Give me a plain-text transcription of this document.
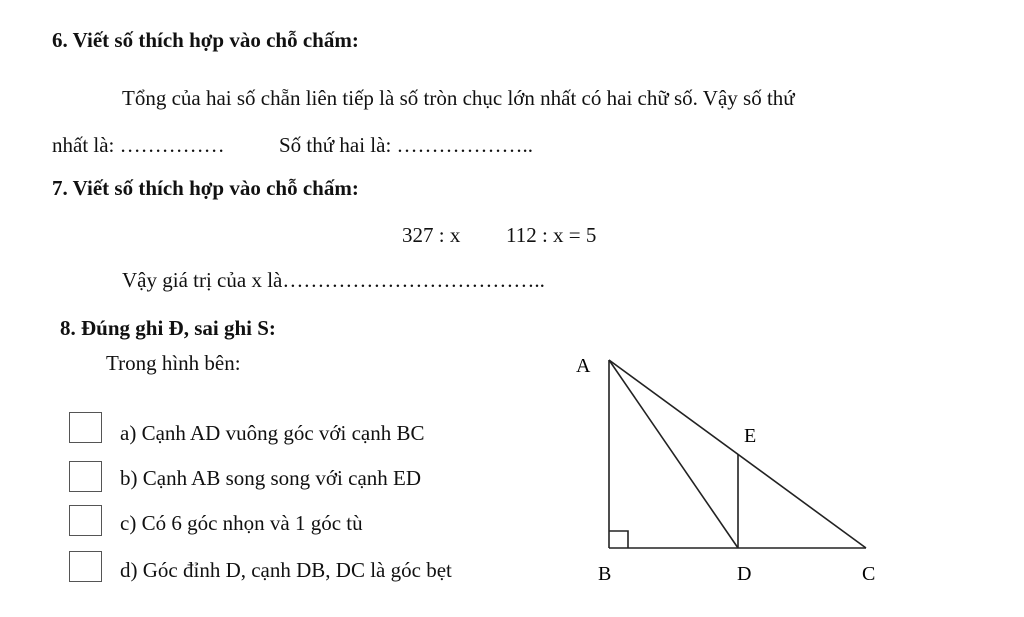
6. Viết số thích hợp vào chỗ chấm:
Tổng của hai số chẵn liên tiếp là số tròn chục lớn nhất có hai chữ số. Vậy số thứ
nhất là: ……………	Số thứ hai là: ………………..
7. Viết số thích hợp vào chỗ chấm:
327 : x 112 : x = 5
Vậy giá trị của x là………………………………..
8. Đúng ghi Đ, sai ghi S:
Trong hình bên:
a) Cạnh AD vuông góc với cạnh BC
b) Cạnh AB song song với cạnh ED
c) Có 6 góc nhọn và 1 góc tù
d) Góc đỉnh D, cạnh DB, DC là góc bẹt
A
E
B	D	C
